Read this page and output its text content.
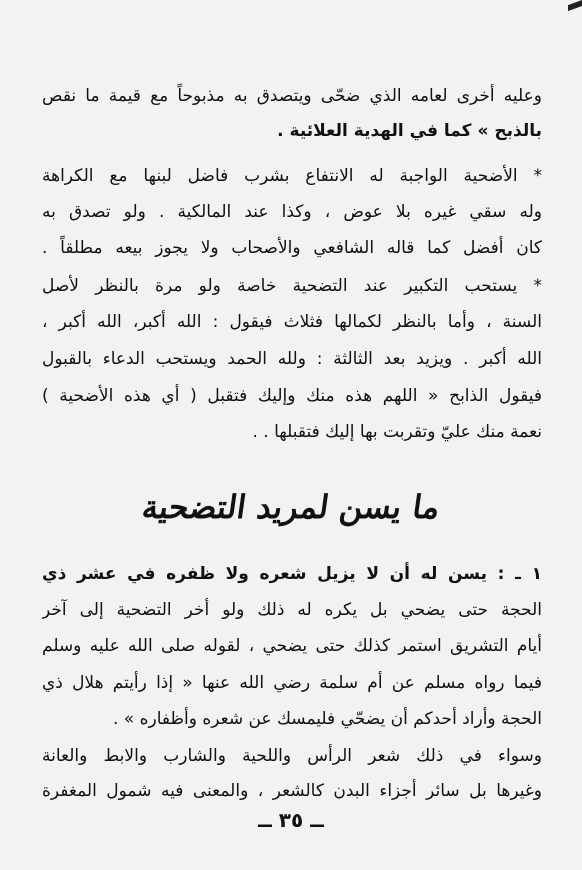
وعليه أخرى لعامه الذي ضحّى ويتصدق به مذبوحاً مع قيمة ما نقص
بالذبح » كما في الهدية العلائية .
* الأضحية الواجبة له الانتفاع بشرب فاضل لبنها مع الكراهة
وله سقي غيره بلا عوض ، وكذا عند المالكية . ولو تصدق به
كان أفضل كما قاله الشافعي والأصحاب ولا يجوز بيعه مطلقاً .
* يستحب التكبير عند التضحية خاصة ولو مرة بالنظر لأصل
السنة ، وأما بالنظر لكمالها فثلاث فيقول : الله أكبر، الله أكبر ،
الله أكبر . ويزيد بعد الثالثة : ولله الحمد ويستحب الدعاء بالقبول
فيقول الذابح « اللهم هذه منك وإليك فتقبل ( أي هذه الأضحية )
نعمة منك عليّ وتقربت بها إليك فتقبلها . .
ما يسن لمريد التضحية
١ ـ : يسن له أن لا يزيل شعره ولا ظفره في عشر ذي
الحجة حتى يضحي بل يكره له ذلك ولو أخر التضحية إلى آخر
أيام التشريق استمر كذلك حتى يضحي ، لقوله صلى الله عليه وسلم
فيما رواه مسلم عن أم سلمة رضي الله عنها « إذا رأيتم هلال ذي
الحجة وأراد أحدكم أن يضحّي فليمسك عن شعره وأظفاره » .
وسواء في ذلك شعر الرأس واللحية والشارب والابط والعانة
وغيرها بل سائر أجزاء البدن كالشعر ، والمعنى فيه شمول المغفرة
ــ ٣٥ ــ
